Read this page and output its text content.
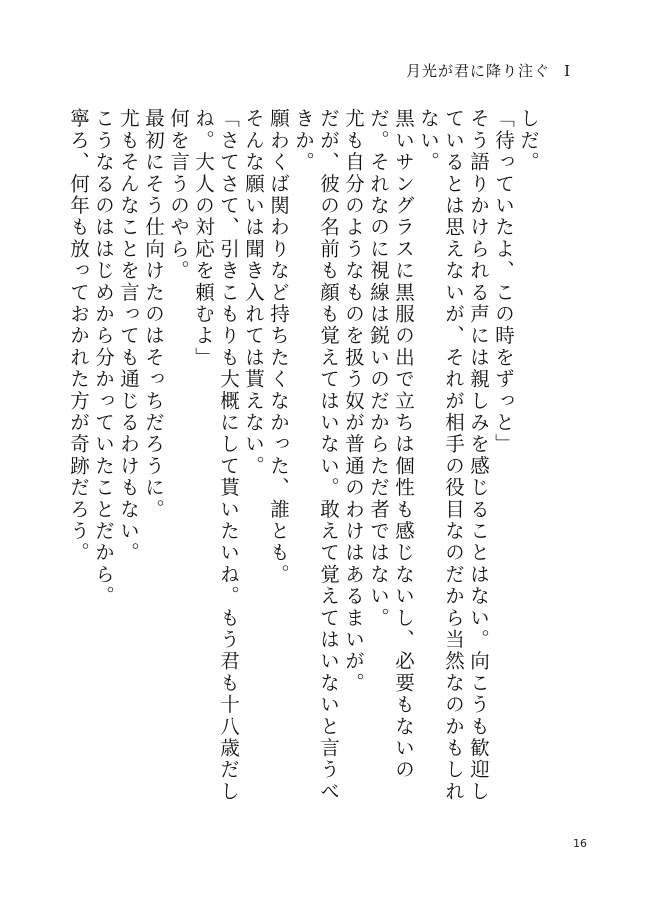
月光が君に降り注ぐ Ⅰ

しだ。

「待っていたよ、この時をずっと」

そう語りかけられる声には親しみを感じることはない。向こうも歓迎しているとは思えないが、それが相手の役目なのだから当然なのかもしれない。

黒いサングラスに黒服の出で立ちは個性も感じないし、必要もないのだ。それなのに視線は鋭いのだからただ者ではない。

尤も自分のようなものを扱う奴が普通のわけはあるまいが。

だが、彼の名前も顔も覚えてはいない。敢えて覚えてはいないと言うべきか。

願わくば関わりなど持ちたくなかった、誰とも。

そんな願いは聞き入れては貰えない。

「さてさて、引きこもりも大概にして貰いたいね。もう君も十八歳だしね。大人の対応を頼むよ」

何を言うのやら。

最初にそう仕向けたのはそっちだろうに。

尤もそんなことを言っても通じるわけもない。

こうなるのははじめから分かっていたことだから。

寧ろ、何年も放っておかれた方が奇跡だろう。

16
